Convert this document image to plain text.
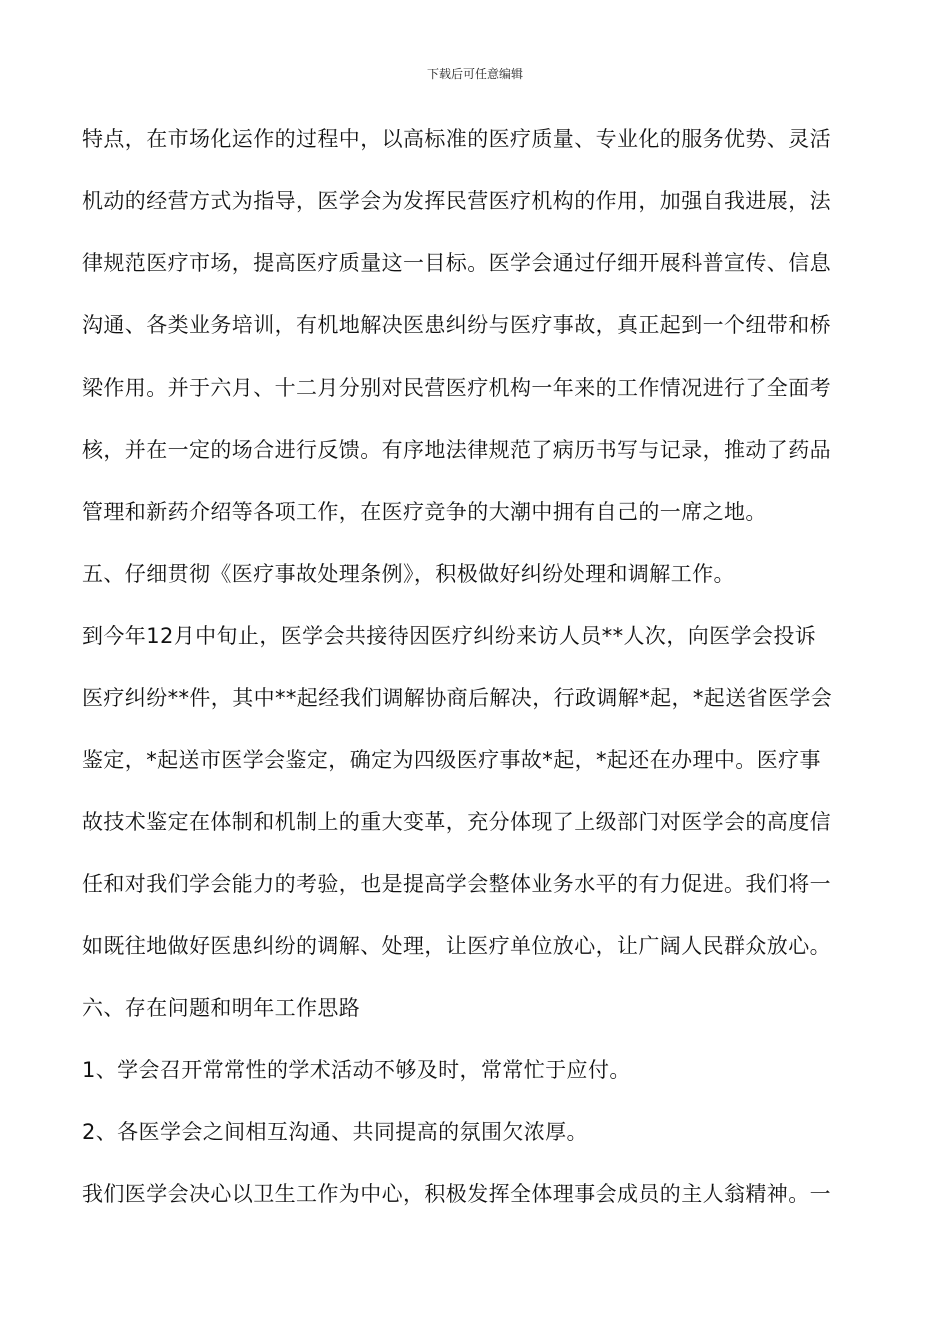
下载后可任意编辑
特点，在市场化运作的过程中，以高标准的医疗质量、专业化的服务优势、灵活
机动的经营方式为指导，医学会为发挥民营医疗机构的作用，加强自我进展，法
律规范医疗市场，提高医疗质量这一目标。医学会通过仔细开展科普宣传、信息
沟通、各类业务培训，有机地解决医患纠纷与医疗事故，真正起到一个纽带和桥
梁作用。并于六月、十二月分别对民营医疗机构一年来的工作情况进行了全面考
核，并在一定的场合进行反馈。有序地法律规范了病历书写与记录，推动了药品
管理和新药介绍等各项工作，在医疗竞争的大潮中拥有自己的一席之地。
五、仔细贯彻《医疗事故处理条例》，积极做好纠纷处理和调解工作。
到今年12月中旬止，医学会共接待因医疗纠纷来访人员**人次，向医学会投诉
医疗纠纷**件，其中**起经我们调解协商后解决，行政调解*起，*起送省医学会
鉴定，*起送市医学会鉴定，确定为四级医疗事故*起，*起还在办理中。医疗事
故技术鉴定在体制和机制上的重大变革，充分体现了上级部门对医学会的高度信
任和对我们学会能力的考验，也是提高学会整体业务水平的有力促进。我们将一
如既往地做好医患纠纷的调解、处理，让医疗单位放心，让广阔人民群众放心。
六、存在问题和明年工作思路
1、学会召开常常性的学术活动不够及时，常常忙于应付。
2、各医学会之间相互沟通、共同提高的氛围欠浓厚。
我们医学会决心以卫生工作为中心，积极发挥全体理事会成员的主人翁精神。一
